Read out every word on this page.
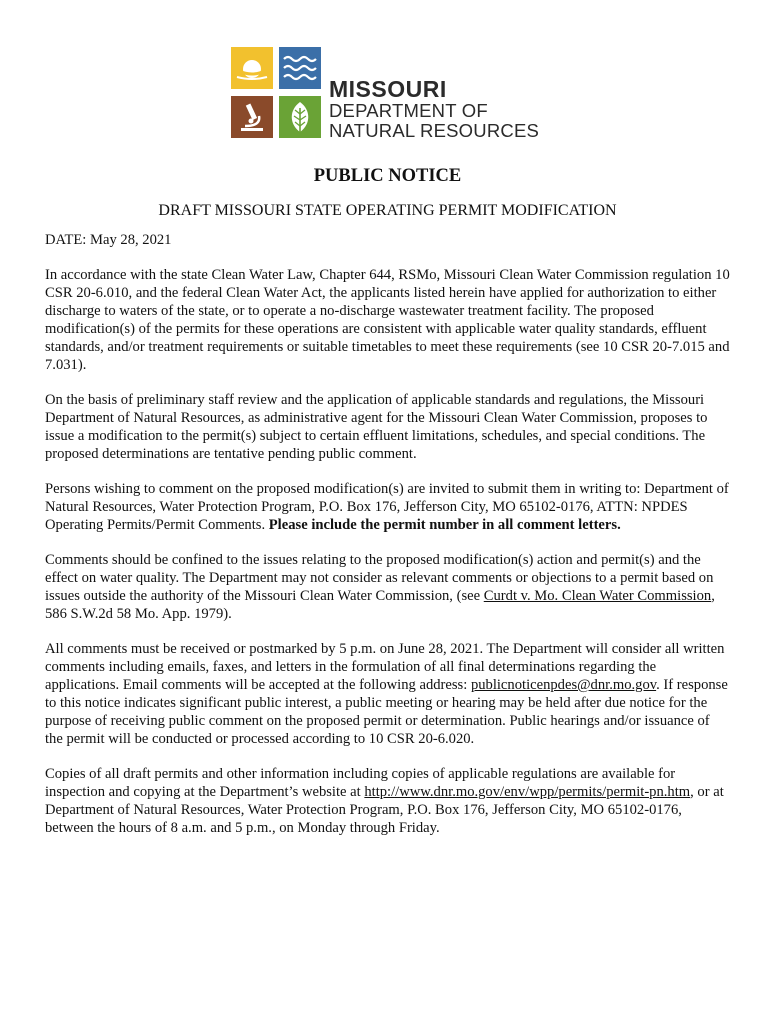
MISSOURI
DEPARTMENT OF
NATURAL RESOURCES
PUBLIC NOTICE
DRAFT MISSOURI STATE OPERATING PERMIT MODIFICATION

DATE: May 28, 2021

In accordance with the state Clean Water Law, Chapter 644, RSMo, Missouri Clean Water Commission regulation 10 CSR 20-6.010, and the federal Clean Water Act, the applicants listed herein have applied for authorization to either discharge to waters of the state, or to operate a no-discharge wastewater treatment facility. The proposed modification(s) of the permits for these operations are consistent with applicable water quality standards, effluent standards, and/or treatment requirements or suitable timetables to meet these requirements (see 10 CSR 20-7.015 and 7.031).

On the basis of preliminary staff review and the application of applicable standards and regulations, the Missouri Department of Natural Resources, as administrative agent for the Missouri Clean Water Commission, proposes to issue a modification to the permit(s) subject to certain effluent limitations, schedules, and special conditions. The proposed determinations are tentative pending public comment.

Persons wishing to comment on the proposed modification(s) are invited to submit them in writing to: Department of Natural Resources, Water Protection Program, P.O. Box 176, Jefferson City, MO 65102-0176, ATTN: NPDES Operating Permits/Permit Comments. Please include the permit number in all comment letters.

Comments should be confined to the issues relating to the proposed modification(s) action and permit(s) and the effect on water quality. The Department may not consider as relevant comments or objections to a permit based on issues outside the authority of the Missouri Clean Water Commission, (see Curdt v. Mo. Clean Water Commission, 586 S.W.2d 58 Mo. App. 1979).

All comments must be received or postmarked by 5 p.m. on June 28, 2021. The Department will consider all written comments including emails, faxes, and letters in the formulation of all final determinations regarding the applications. Email comments will be accepted at the following address: publicnoticenpdes@dnr.mo.gov. If response to this notice indicates significant public interest, a public meeting or hearing may be held after due notice for the purpose of receiving public comment on the proposed permit or determination. Public hearings and/or issuance of the permit will be conducted or processed according to 10 CSR 20-6.020.

Copies of all draft permits and other information including copies of applicable regulations are available for inspection and copying at the Department’s website at http://www.dnr.mo.gov/env/wpp/permits/permit-pn.htm, or at Department of Natural Resources, Water Protection Program, P.O. Box 176, Jefferson City, MO 65102-0176, between the hours of 8 a.m. and 5 p.m., on Monday through Friday.
